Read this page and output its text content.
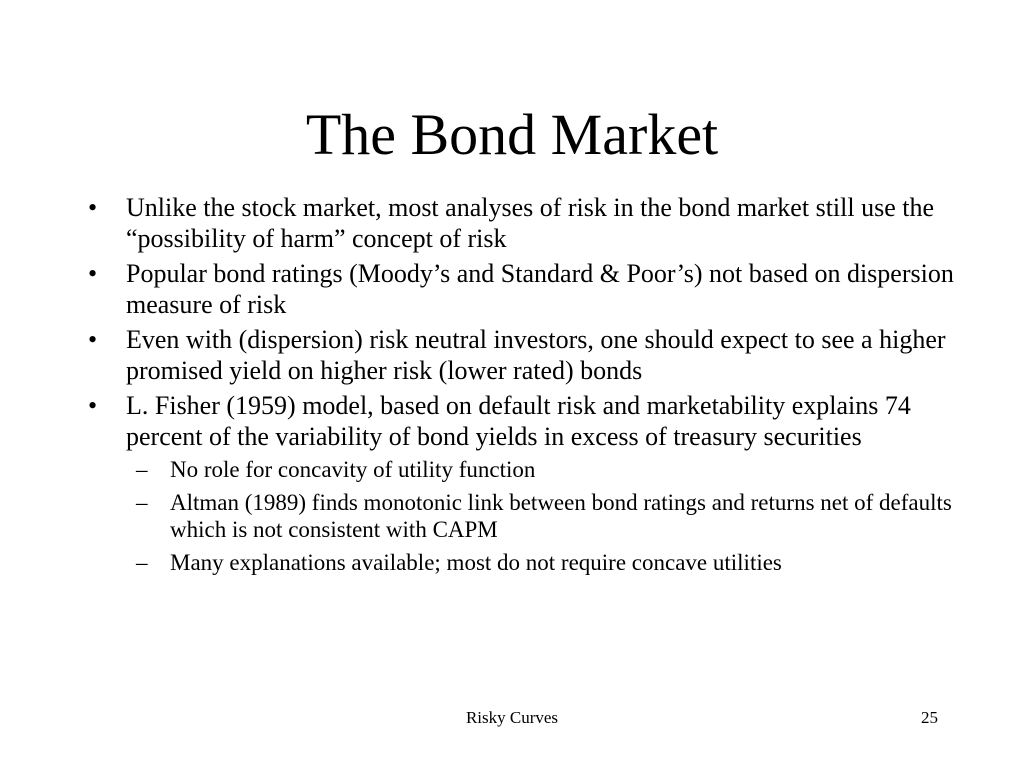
The Bond Market
• Unlike the stock market, most analyses of risk in the bond market still use the “possibility of harm” concept of risk
• Popular bond ratings (Moody’s and Standard & Poor’s) not based on dispersion measure of risk
• Even with (dispersion) risk neutral investors, one should expect to see a higher promised yield on higher risk (lower rated) bonds
• L. Fisher (1959) model, based on default risk and marketability explains 74 percent of the variability of bond yields in excess of treasury securities
– No role for concavity of utility function
– Altman (1989) finds monotonic link between bond ratings and returns net of defaults which is not consistent with CAPM
– Many explanations available; most do not require concave utilities
Risky Curves	25
